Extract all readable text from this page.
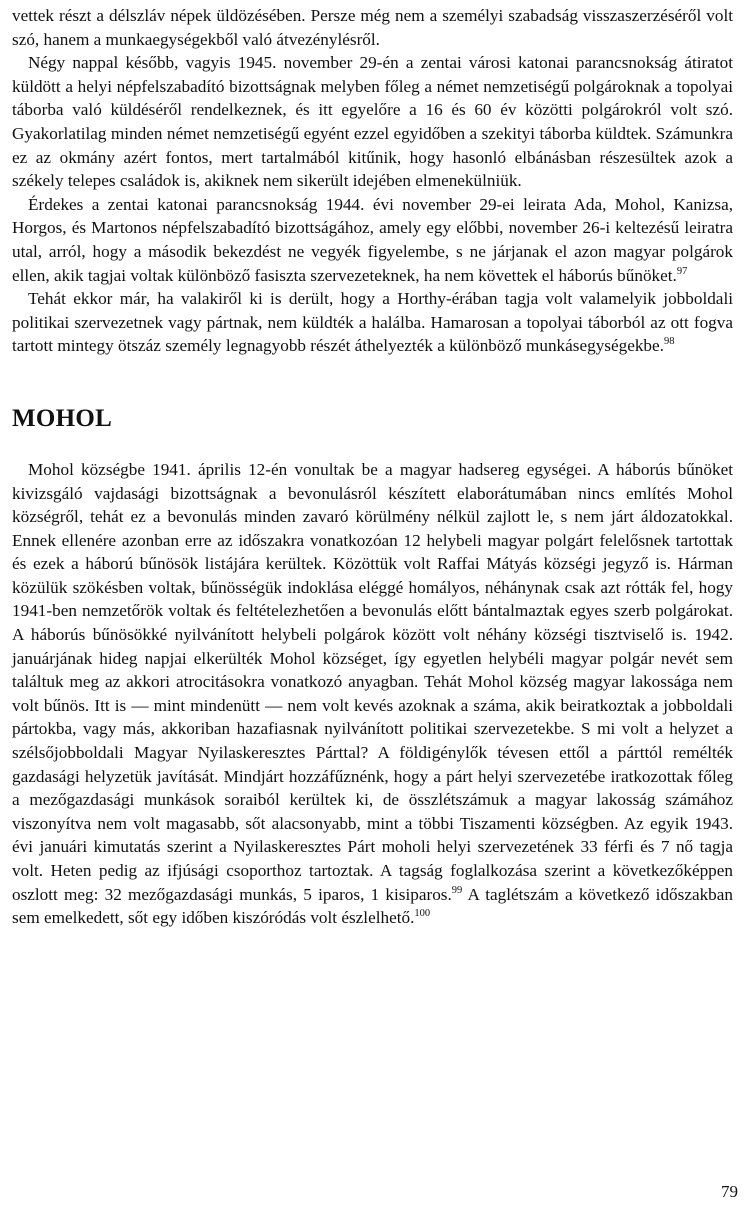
vettek részt a délszláv népek üldözésében. Persze még nem a személyi szabadság visszaszerzéséről volt szó, hanem a munkaegységekből való átvezénylésről.

Négy nappal később, vagyis 1945. november 29-én a zentai városi katonai parancsnokság átiratot küldött a helyi népfelszabadító bizottságnak melyben főleg a német nemzetiségű polgároknak a topolyai táborba való küldéséről rendelkeznek, és itt egyelőre a 16 és 60 év közötti polgárokról volt szó. Gyakorlatilag minden német nemzetiségű egyént ezzel egyidőben a szekityi táborba küldtek. Számunkra ez az okmány azért fontos, mert tartalmából kitűnik, hogy hasonló elbánásban részesültek azok a székely telepes családok is, akiknek nem sikerült idejében elmenekülniük.

Érdekes a zentai katonai parancsnokság 1944. évi november 29-ei leirata Ada, Mohol, Kanizsa, Horgos, és Martonos népfelszabadító bizottságához, amely egy előbbi, november 26-i keltezésű leiratra utal, arról, hogy a második bekezdést ne vegyék figyelembe, s ne járjanak el azon magyar polgárok ellen, akik tagjai voltak különböző fasiszta szervezeteknek, ha nem követtek el háborús bűnöket.$^{97}$

Tehát ekkor már, ha valakiről ki is derült, hogy a Horthy-érában tagja volt valamelyik jobboldali politikai szervezetnek vagy pártnak, nem küldték a halálba. Hamarosan a topolyai táborból az ott fogva tartott mintegy ötszáz személy legnagyobb részét áthelyezték a különböző munkásegységekbe.$^{98}$

MOHOL

Mohol községbe 1941. április 12-én vonultak be a magyar hadsereg egységei. A háborús bűnöket kivizsgáló vajdasági bizottságnak a bevonulásról készített elaborátumában nincs említés Mohol községről, tehát ez a bevonulás minden zavaró körülmény nélkül zajlott le, s nem járt áldozatokkal. Ennek ellenére azonban erre az időszakra vonatkozóan 12 helybeli magyar polgárt felelősnek tartottak és ezek a háború bűnösök listájára kerültek. Közöttük volt Raffai Mátyás községi jegyző is. Hárman közülük szökésben voltak, bűnösségük indoklása eléggé homályos, néhánynak csak azt rótták fel, hogy 1941-ben nemzetőrök voltak és feltételezhetően a bevonulás előtt bántalmaztak egyes szerb polgárokat. A háborús bűnösökké nyilvánított helybeli polgárok között volt néhány községi tisztviselő is. 1942. januárjának hideg napjai elkerülték Mohol községet, így egyetlen helybéli magyar polgár nevét sem találtuk meg az akkori atrocitásokra vonatkozó anyagban. Tehát Mohol község magyar lakossága nem volt bűnös. Itt is — mint mindenütt — nem volt kevés azoknak a száma, akik beiratkoztak a jobboldali pártokba, vagy más, akkoriban hazafiasnak nyilvánított politikai szervezetekbe. S mi volt a helyzet a szélsőjobboldali Magyar Nyilaskeresztes Párttal? A földigénylők tévesen ettől a párttól remélték gazdasági helyzetük javítását. Mindjárt hozzáfűznénk, hogy a párt helyi szervezetébe iratkozottak főleg a mezőgazdasági munkások soraiból kerültek ki, de összlétszámuk a magyar lakosság számához viszonyítva nem volt magasabb, sőt alacsonyabb, mint a többi Tiszamenti községben. Az egyik 1943. évi januári kimutatás szerint a Nyilaskeresztes Párt moholi helyi szervezetének 33 férfi és 7 nő tagja volt. Heten pedig az ifjúsági csoporthoz tartoztak. A tagság foglalkozása szerint a következőképpen oszlott meg: 32 mezőgazdasági munkás, 5 iparos, 1 kisiparos.$^{99}$ A taglétszám a következő időszakban sem emelkedett, sőt egy időben kiszóródás volt észlelhető.$^{100}$

79
